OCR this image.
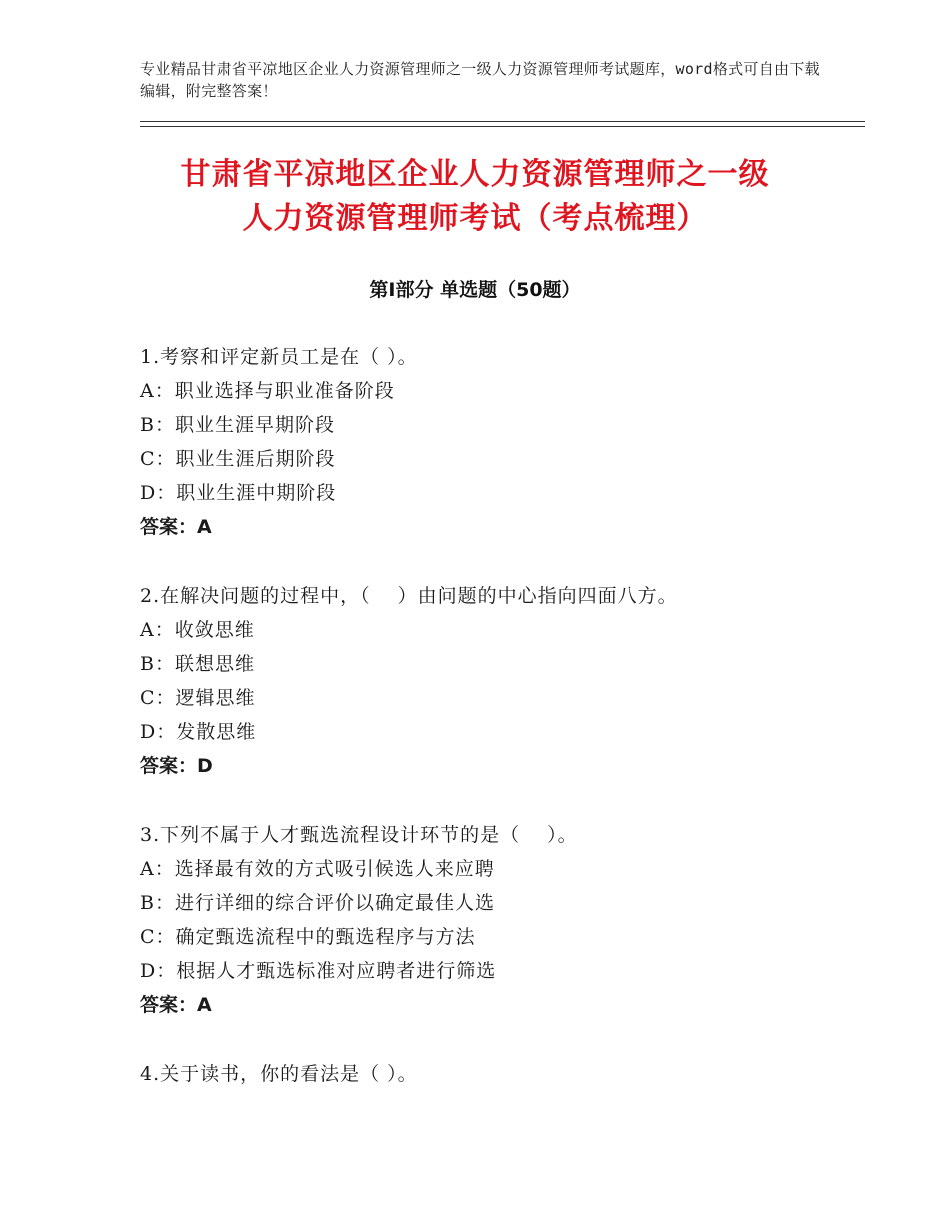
专业精品甘肃省平凉地区企业人力资源管理师之一级人力资源管理师考试题库，word格式可自由下载编辑，附完整答案！
甘肃省平凉地区企业人力资源管理师之一级
人力资源管理师考试（考点梳理）
第Ⅰ部分 单选题（50题）
1.考察和评定新员工是在（ ）。
A：职业选择与职业准备阶段
B：职业生涯早期阶段
C：职业生涯后期阶段
D：职业生涯中期阶段
答案：A
2.在解决问题的过程中，（　 ）由问题的中心指向四面八方。
A：收敛思维
B：联想思维
C：逻辑思维
D：发散思维
答案：D
3.下列不属于人才甄选流程设计环节的是（　 ）。
A：选择最有效的方式吸引候选人来应聘
B：进行详细的综合评价以确定最佳人选
C：确定甄选流程中的甄选程序与方法
D：根据人才甄选标准对应聘者进行筛选
答案：A
4.关于读书，你的看法是（ ）。
